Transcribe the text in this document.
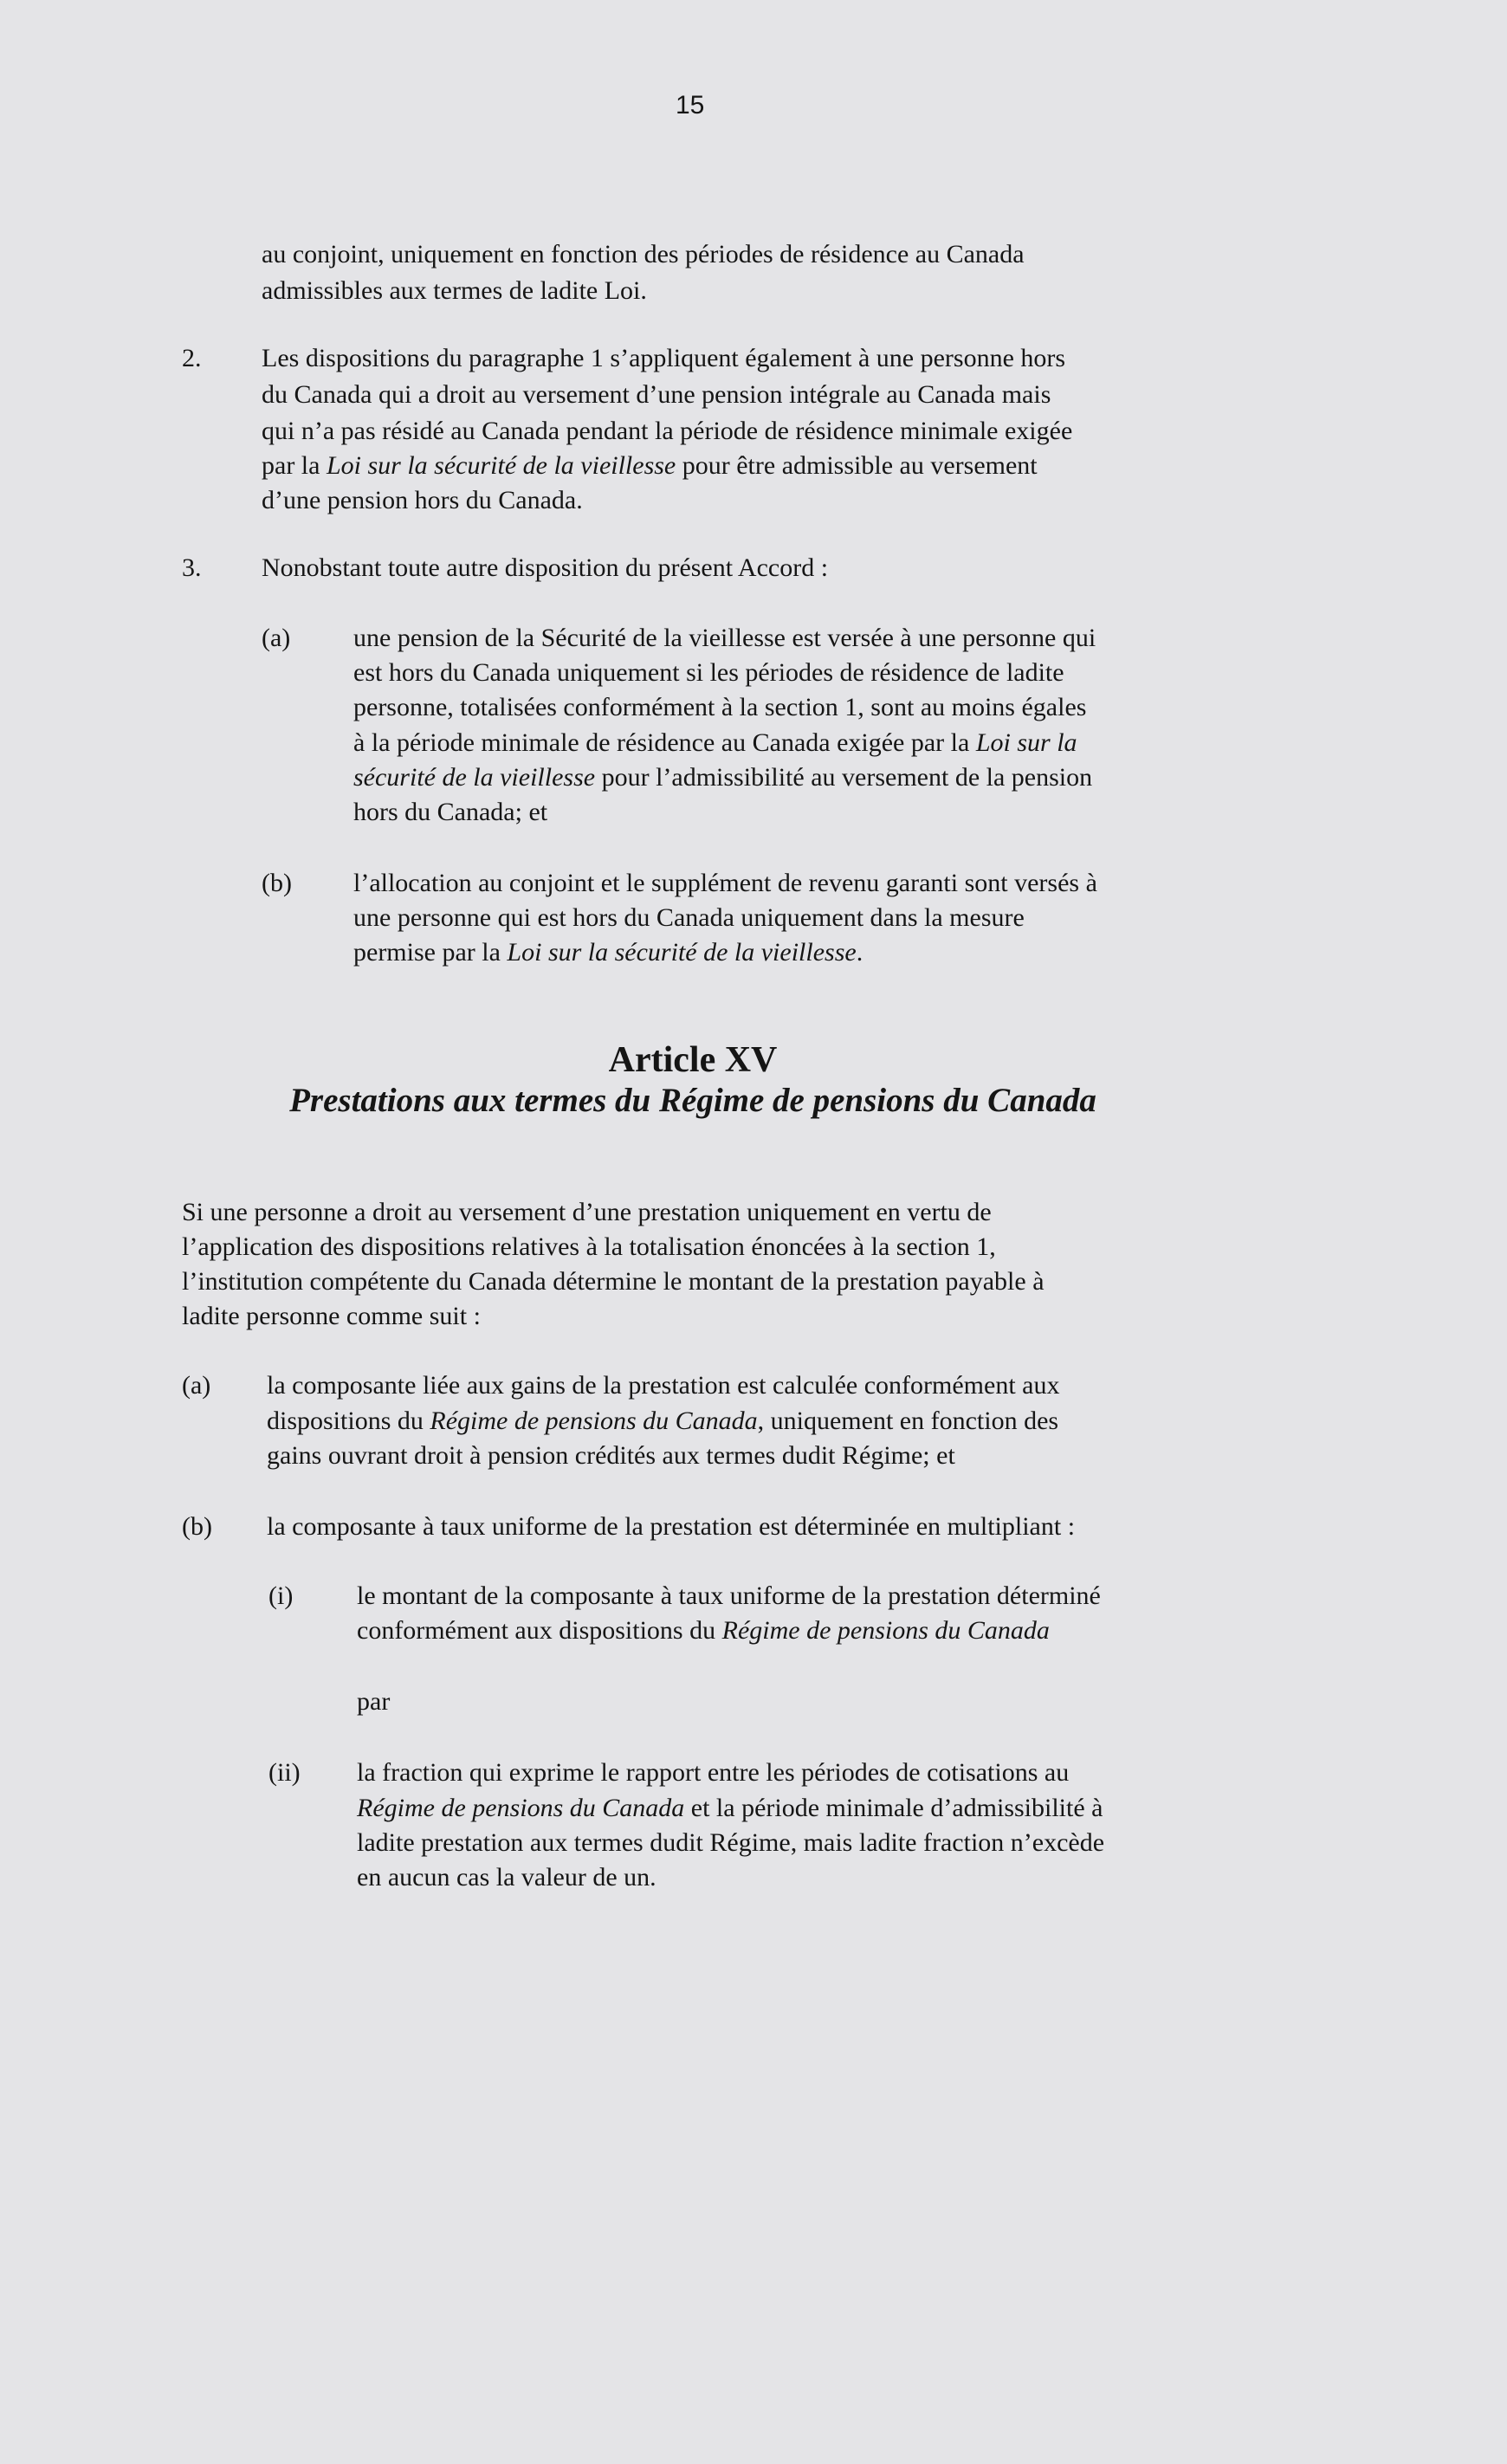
15
au conjoint, uniquement en fonction des périodes de résidence au Canada
admissibles aux termes de ladite Loi.
2. Les dispositions du paragraphe 1 s’appliquent également à une personne hors
du Canada qui a droit au versement d’une pension intégrale au Canada mais
qui n’a pas résidé au Canada pendant la période de résidence minimale exigée
par la Loi sur la sécurité de la vieillesse pour être admissible au versement
d’une pension hors du Canada.
3. Nonobstant toute autre disposition du présent Accord :
(a) une pension de la Sécurité de la vieillesse est versée à une personne qui
est hors du Canada uniquement si les périodes de résidence de ladite
personne, totalisées conformément à la section 1, sont au moins égales
à la période minimale de résidence au Canada exigée par la Loi sur la
sécurité de la vieillesse pour l’admissibilité au versement de la pension
hors du Canada; et
(b) l’allocation au conjoint et le supplément de revenu garanti sont versés à
une personne qui est hors du Canada uniquement dans la mesure
permise par la Loi sur la sécurité de la vieillesse.
Article XV
Prestations aux termes du Régime de pensions du Canada
Si une personne a droit au versement d’une prestation uniquement en vertu de
l’application des dispositions relatives à la totalisation énoncées à la section 1,
l’institution compétente du Canada détermine le montant de la prestation payable à
ladite personne comme suit :
(a) la composante liée aux gains de la prestation est calculée conformément aux
dispositions du Régime de pensions du Canada, uniquement en fonction des
gains ouvrant droit à pension crédités aux termes dudit Régime; et
(b) la composante à taux uniforme de la prestation est déterminée en multipliant :
(i) le montant de la composante à taux uniforme de la prestation déterminé
conformément aux dispositions du Régime de pensions du Canada
par
(ii) la fraction qui exprime le rapport entre les périodes de cotisations au
Régime de pensions du Canada et la période minimale d’admissibilité à
ladite prestation aux termes dudit Régime, mais ladite fraction n’excède
en aucun cas la valeur de un.
